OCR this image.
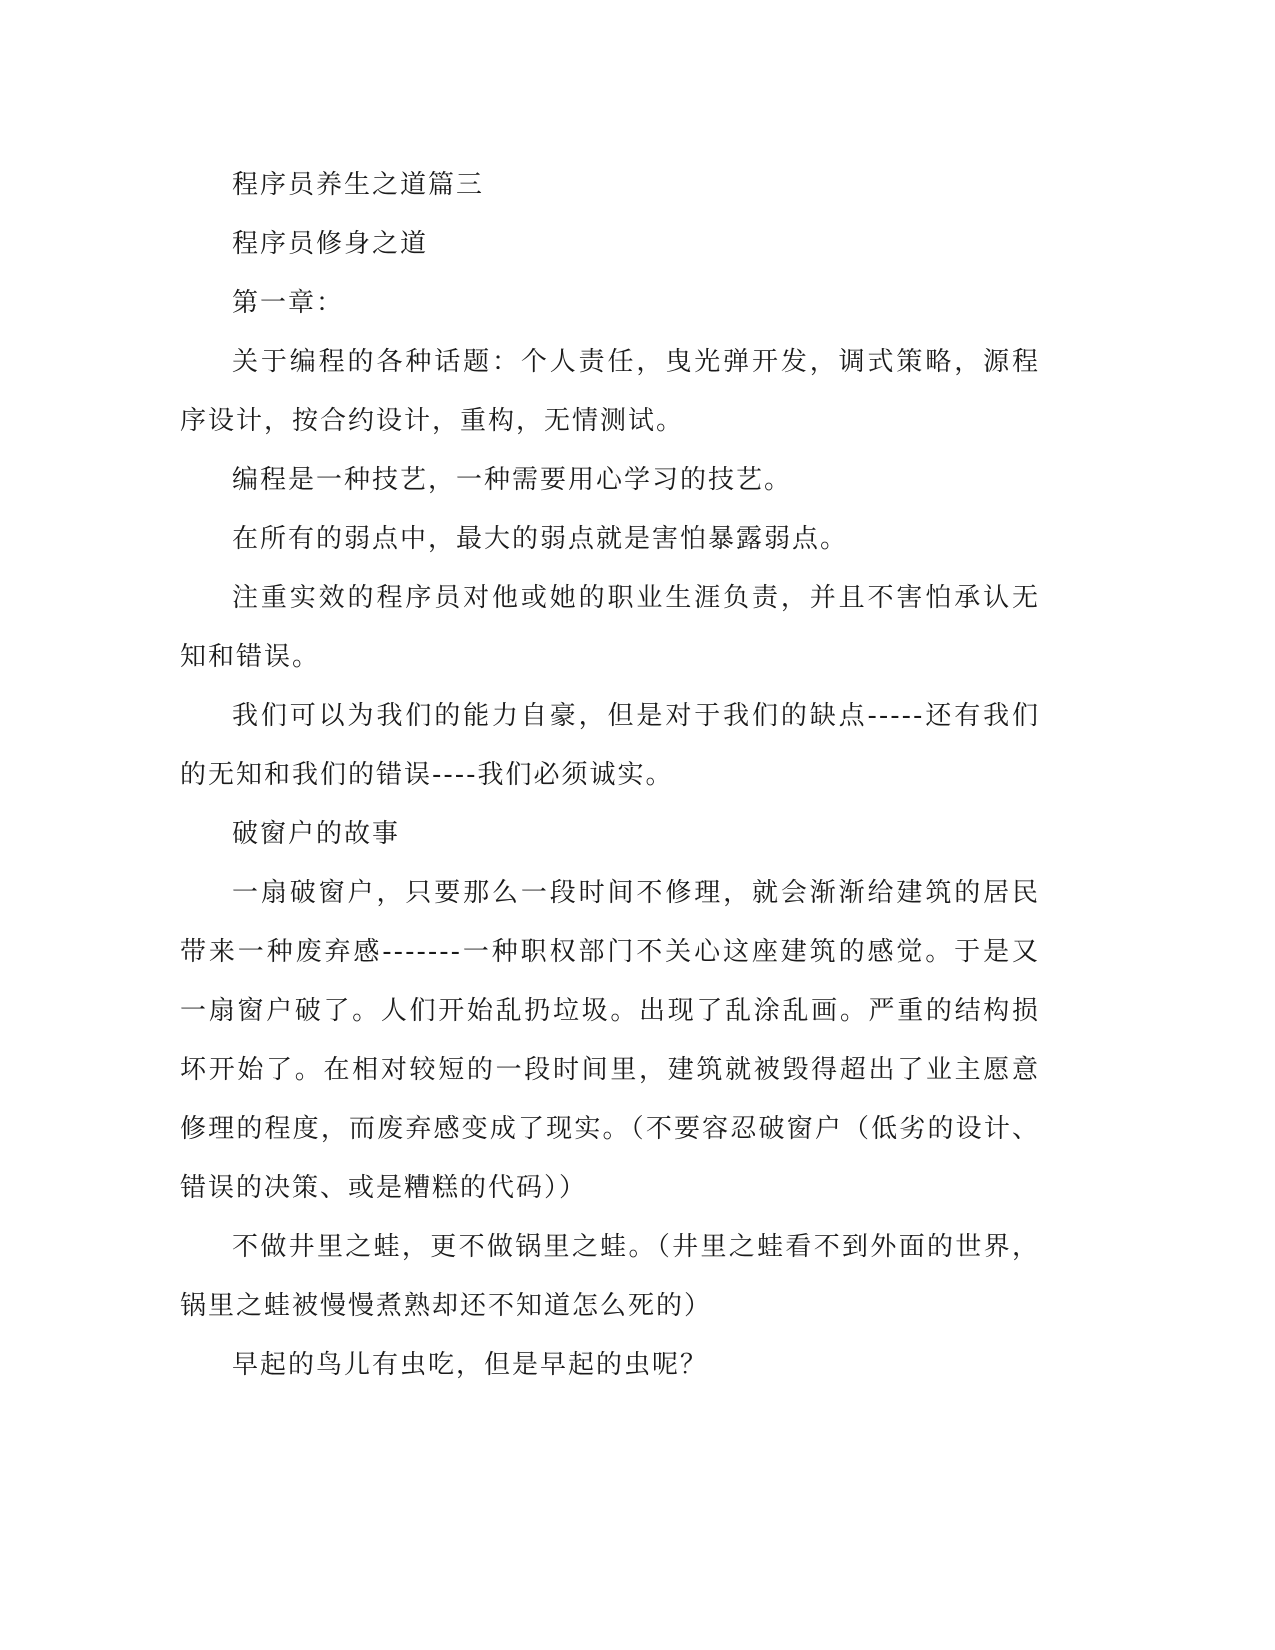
程序员养生之道篇三

程序员修身之道

第一章：

关于编程的各种话题：个人责任，曳光弹开发，调式策略，源程序设计，按合约设计，重构，无情测试。

编程是一种技艺，一种需要用心学习的技艺。

在所有的弱点中，最大的弱点就是害怕暴露弱点。

注重实效的程序员对他或她的职业生涯负责，并且不害怕承认无知和错误。

我们可以为我们的能力自豪，但是对于我们的缺点-----还有我们的无知和我们的错误----我们必须诚实。

破窗户的故事

一扇破窗户，只要那么一段时间不修理，就会渐渐给建筑的居民带来一种废弃感-------一种职权部门不关心这座建筑的感觉。于是又一扇窗户破了。人们开始乱扔垃圾。出现了乱涂乱画。严重的结构损坏开始了。在相对较短的一段时间里，建筑就被毁得超出了业主愿意修理的程度，而废弃感变成了现实。（不要容忍破窗户（低劣的设计、错误的决策、或是糟糕的代码））

不做井里之蛙，更不做锅里之蛙。（井里之蛙看不到外面的世界，锅里之蛙被慢慢煮熟却还不知道怎么死的）

早起的鸟儿有虫吃，但是早起的虫呢？
